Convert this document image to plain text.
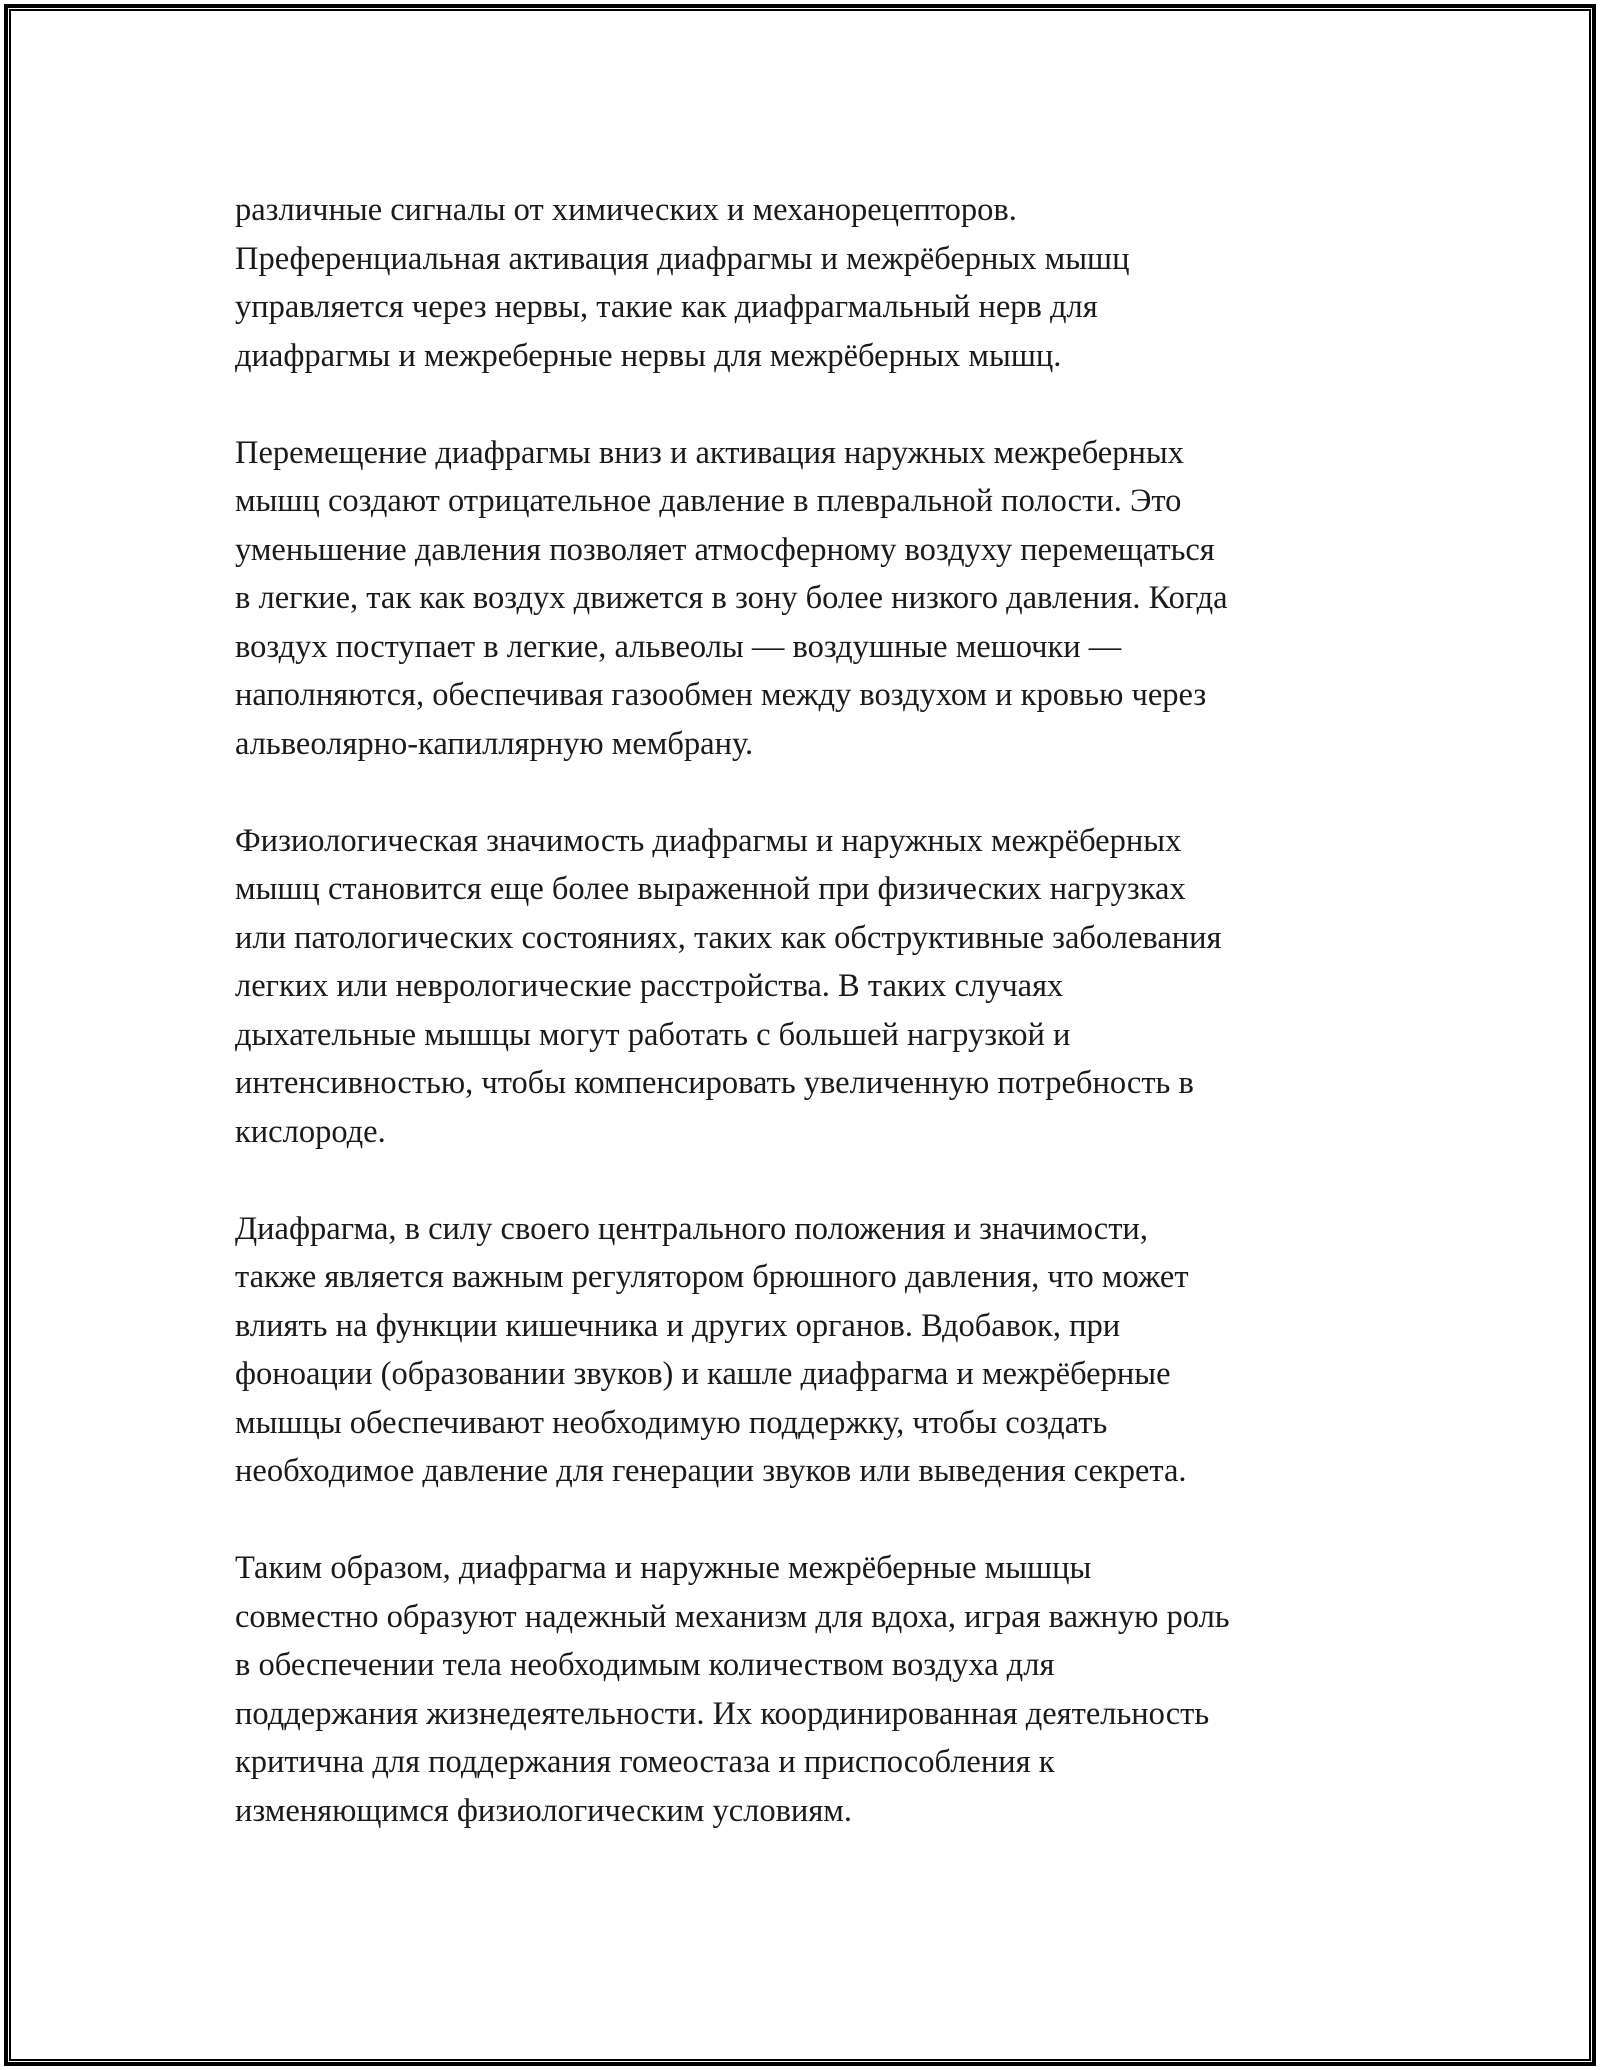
различные сигналы от химических и механорецепторов.
Преференциальная активация диафрагмы и межрёберных мышц
управляется через нервы, такие как диафрагмальный нерв для
диафрагмы и межреберные нервы для межрёберных мышц.

Перемещение диафрагмы вниз и активация наружных межреберных
мышц создают отрицательное давление в плевральной полости. Это
уменьшение давления позволяет атмосферному воздуху перемещаться
в легкие, так как воздух движется в зону более низкого давления. Когда
воздух поступает в легкие, альвеолы — воздушные мешочки —
наполняются, обеспечивая газообмен между воздухом и кровью через
альвеолярно-капиллярную мембрану.

Физиологическая значимость диафрагмы и наружных межрёберных
мышц становится еще более выраженной при физических нагрузках
или патологических состояниях, таких как обструктивные заболевания
легких или неврологические расстройства. В таких случаях
дыхательные мышцы могут работать с большей нагрузкой и
интенсивностью, чтобы компенсировать увеличенную потребность в
кислороде.

Диафрагма, в силу своего центрального положения и значимости,
также является важным регулятором брюшного давления, что может
влиять на функции кишечника и других органов. Вдобавок, при
фоноации (образовании звуков) и кашле диафрагма и межрёберные
мышцы обеспечивают необходимую поддержку, чтобы создать
необходимое давление для генерации звуков или выведения секрета.

Таким образом, диафрагма и наружные межрёберные мышцы
совместно образуют надежный механизм для вдоха, играя важную роль
в обеспечении тела необходимым количеством воздуха для
поддержания жизнедеятельности. Их координированная деятельность
критична для поддержания гомеостаза и приспособления к
изменяющимся физиологическим условиям.
